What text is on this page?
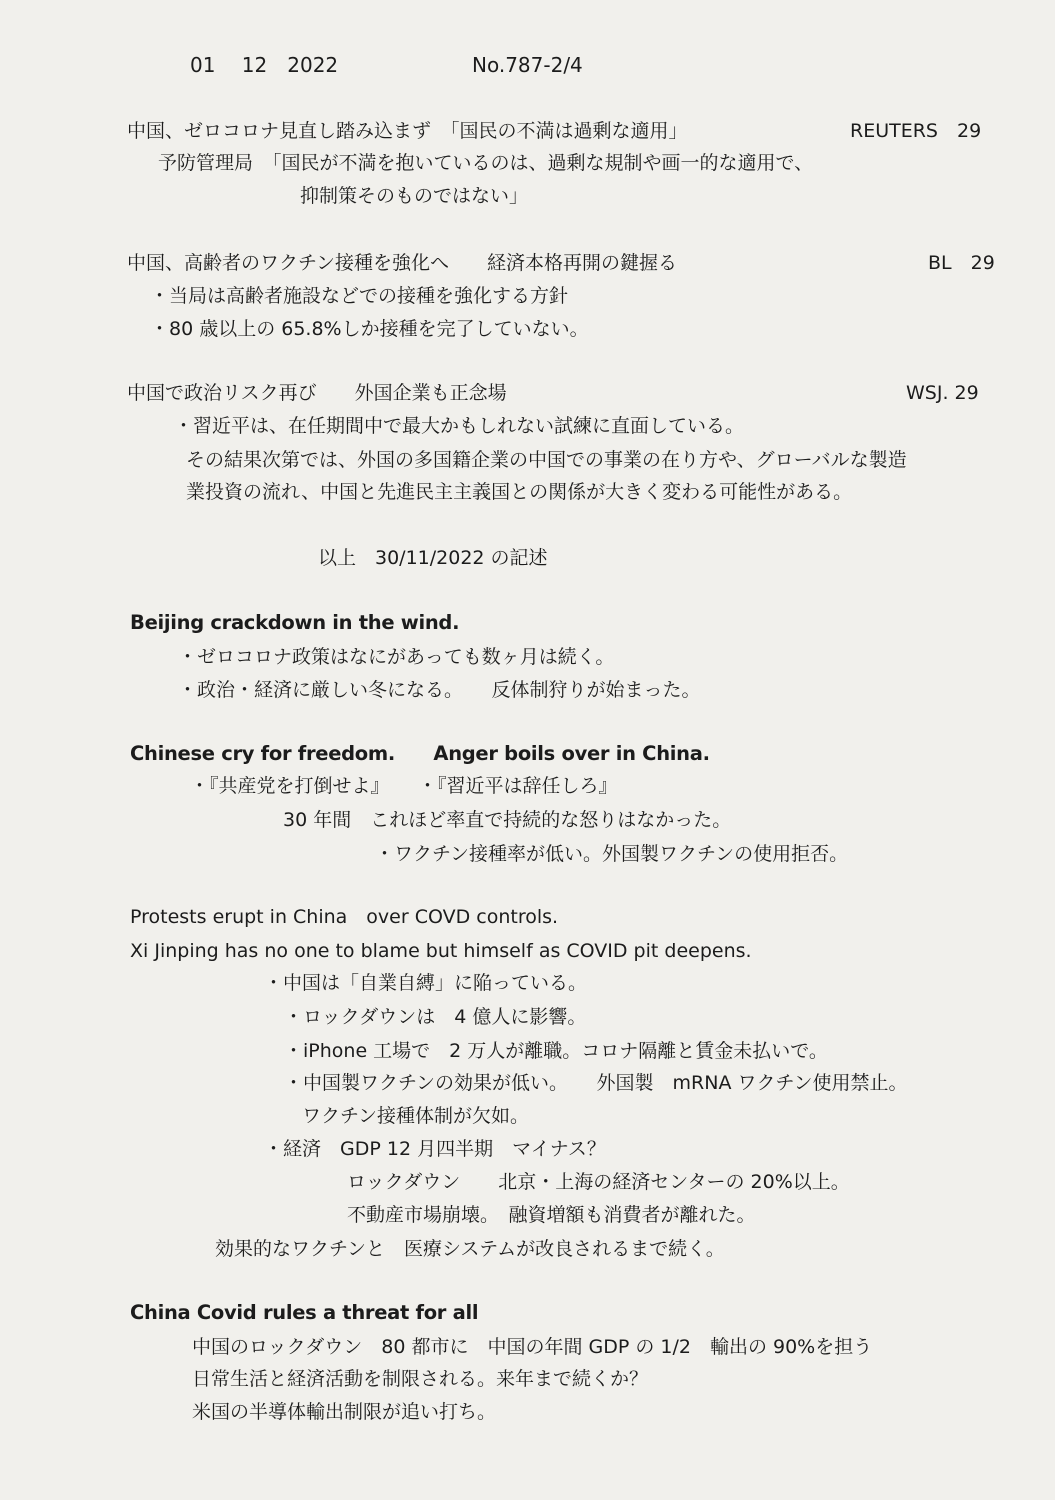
01　 12　2022	No.787-2/4
中国、ゼロコロナ見直し踏み込まず　「国民の不満は過剰な適用」	REUTERS　29
予防管理局　「国民が不満を抱いているのは、過剰な規制や画一的な適用で、
抑制策そのものではない」
中国、高齢者のワクチン接種を強化へ　　経済本格再開の鍵握る	BL　29
・当局は高齢者施設などでの接種を強化する方針
・80 歳以上の 65.8%しか接種を完了していない。
中国で政治リスク再び　　外国企業も正念場	WSJ. 29
・習近平は、在任期間中で最大かもしれない試練に直面している。
その結果次第では、外国の多国籍企業の中国での事業の在り方や、グローバルな製造
業投資の流れ、中国と先進民主主義国との関係が大きく変わる可能性がある。
以上　30/11/2022 の記述
Beijing crackdown in the wind.
・ゼロコロナ政策はなにがあっても数ヶ月は続く。
・政治・経済に厳しい冬になる。　　反体制狩りが始まった。
Chinese cry for freedom.　　Anger boils over in China.
・『共産党を打倒せよ』　　・『習近平は辞任しろ』
30 年間　これほど率直で持続的な怒りはなかった。
・ワクチン接種率が低い。外国製ワクチンの使用拒否。
Protests erupt in China　over COVD controls.
Xi Jinping has no one to blame but himself as COVID pit deepens.
・中国は「自業自縛」に陥っている。
・ロックダウンは　4 億人に影響。
・iPhone 工場で　2 万人が離職。コロナ隔離と賃金未払いで。
・中国製ワクチンの効果が低い。　　外国製　mRNA ワクチン使用禁止。
ワクチン接種体制が欠如。
・経済　GDP 12 月四半期　マイナス？
ロックダウン　　北京・上海の経済センターの 20%以上。
不動産市場崩壊。　融資増額も消費者が離れた。
効果的なワクチンと　医療システムが改良されるまで続く。
China Covid rules a threat for all
中国のロックダウン　80 都市に　中国の年間 GDP の 1/2　輸出の 90%を担う
日常生活と経済活動を制限される。来年まで続くか？
米国の半導体輸出制限が追い打ち。
